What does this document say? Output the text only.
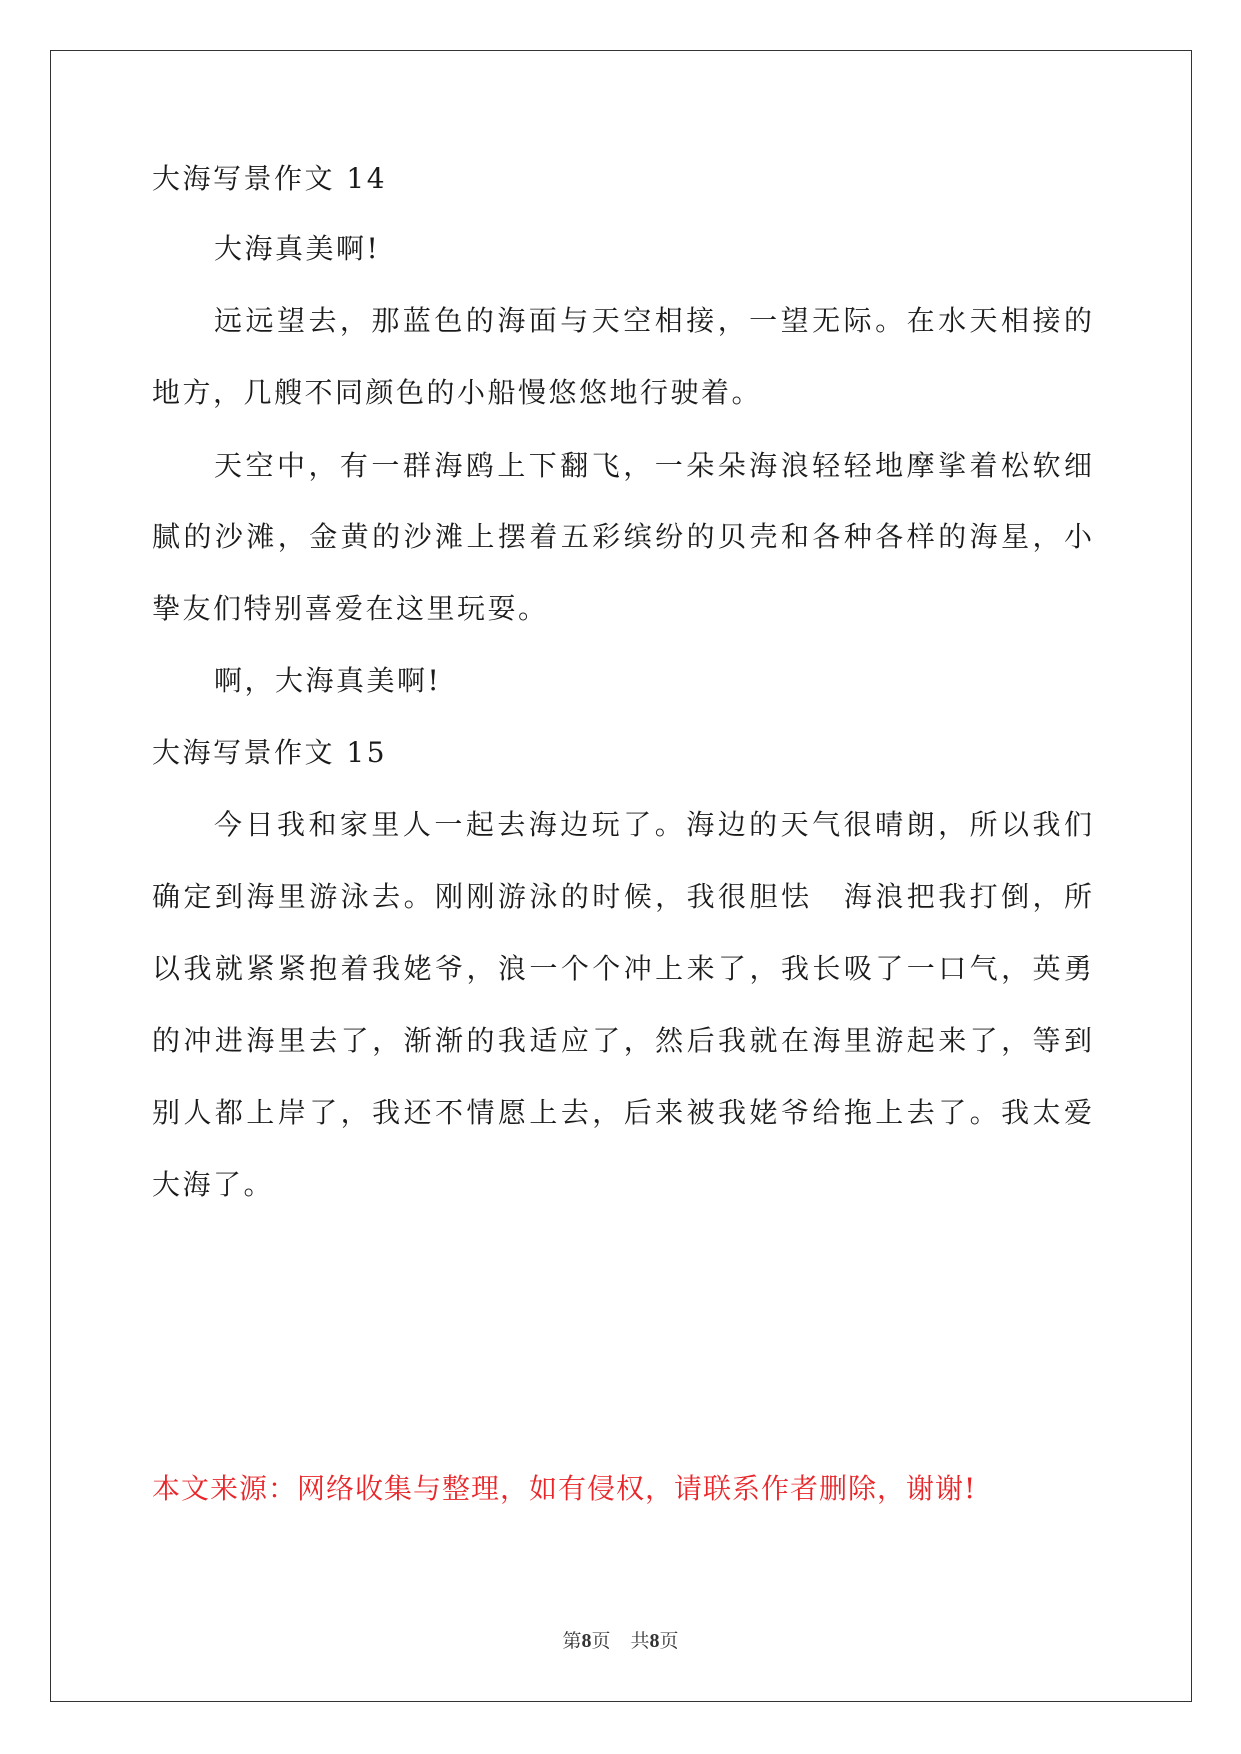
大海写景作文 14
大海真美啊!
远远望去，那蓝色的海面与天空相接，一望无际。在水天相接的
地方，几艘不同颜色的小船慢悠悠地行驶着。
天空中，有一群海鸥上下翻飞，一朵朵海浪轻轻地摩挲着松软细
腻的沙滩，金黄的沙滩上摆着五彩缤纷的贝壳和各种各样的海星，小
挚友们特别喜爱在这里玩耍。
啊，大海真美啊!
大海写景作文 15
今日我和家里人一起去海边玩了。海边的天气很晴朗，所以我们
确定到海里游泳去。刚刚游泳的时候，我很胆怯　海浪把我打倒，所
以我就紧紧抱着我姥爷，浪一个个冲上来了，我长吸了一口气，英勇
的冲进海里去了，渐渐的我适应了，然后我就在海里游起来了，等到
别人都上岸了，我还不情愿上去，后来被我姥爷给拖上去了。我太爱
大海了。
本文来源：网络收集与整理，如有侵权，请联系作者删除，谢谢!
第8页 共8页
